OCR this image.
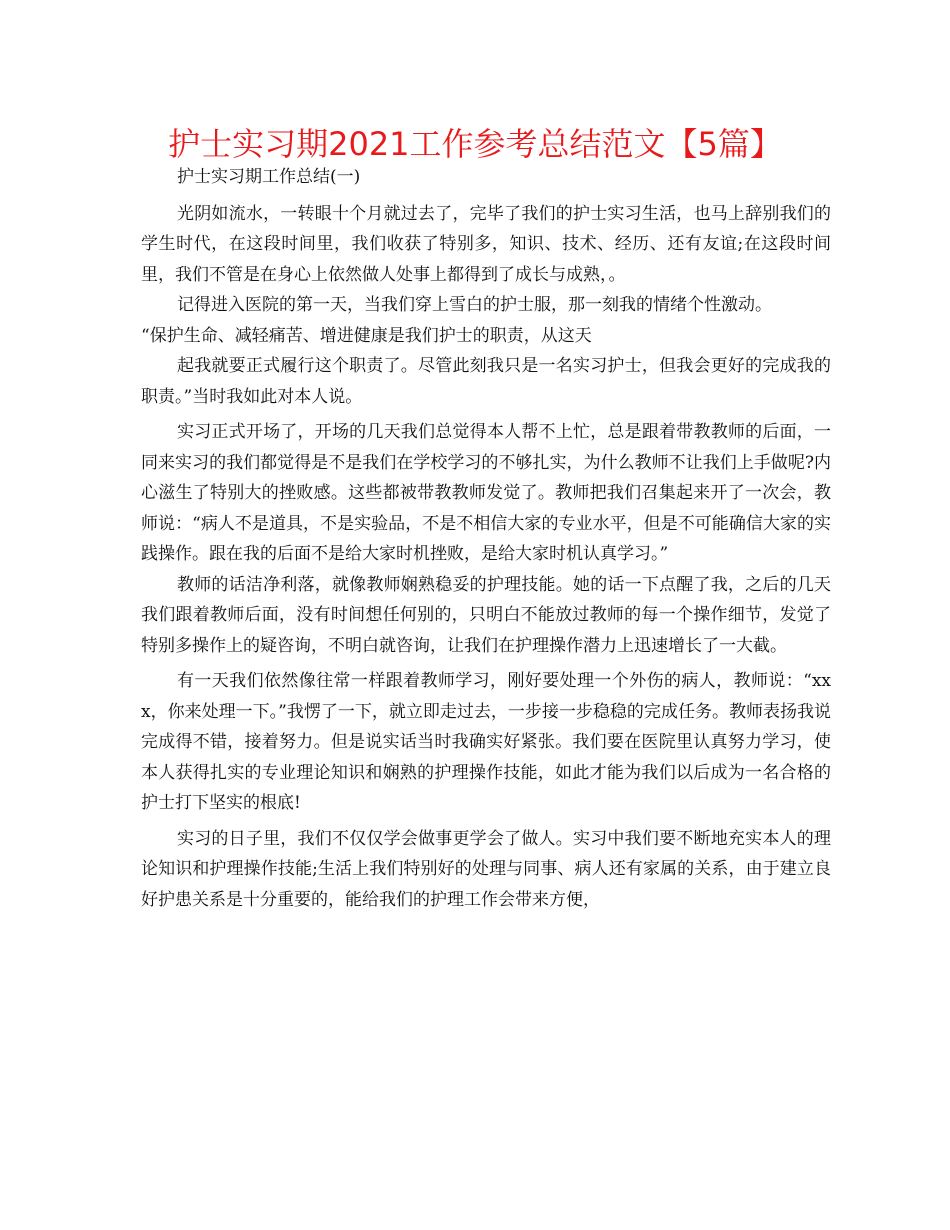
护士实习期2021工作参考总结范文【5篇】

护士实习期工作总结(一)

光阴如流水，一转眼十个月就过去了，完毕了我们的护士实习生活，也马上辞别我们的学生时代，在这段时间里，我们收获了特别多，知识、技术、经历、还有友谊;在这段时间里，我们不管是在身心上依然做人处事上都得到了成长与成熟，。

记得进入医院的第一天，当我们穿上雪白的护士服，那一刻我的情绪个性激动。

“保护生命、减轻痛苦、增进健康是我们护士的职责，从这天

起我就要正式履行这个职责了。尽管此刻我只是一名实习护士，但我会更好的完成我的职责。”当时我如此对本人说。

实习正式开场了，开场的几天我们总觉得本人帮不上忙，总是跟着带教教师的后面，一同来实习的我们都觉得是不是我们在学校学习的不够扎实，为什么教师不让我们上手做呢?内心滋生了特别大的挫败感。这些都被带教教师发觉了。教师把我们召集起来开了一次会，教师说：“病人不是道具，不是实验品，不是不相信大家的专业水平，但是不可能确信大家的实践操作。跟在我的后面不是给大家时机挫败，是给大家时机认真学习。”

教师的话洁净利落，就像教师娴熟稳妥的护理技能。她的话一下点醒了我，之后的几天我们跟着教师后面，没有时间想任何别的，只明白不能放过教师的每一个操作细节，发觉了特别多操作上的疑咨询，不明白就咨询，让我们在护理操作潜力上迅速增长了一大截。

有一天我们依然像往常一样跟着教师学习，刚好要处理一个外伤的病人，教师说：“xxx，你来处理一下。”我愣了一下，就立即走过去，一步接一步稳稳的完成任务。教师表扬我说完成得不错，接着努力。但是说实话当时我确实好紧张。我们要在医院里认真努力学习，使本人获得扎实的专业理论知识和娴熟的护理操作技能，如此才能为我们以后成为一名合格的护士打下坚实的根底!

实习的日子里，我们不仅仅学会做事更学会了做人。实习中我们要不断地充实本人的理论知识和护理操作技能;生活上我们特别好的处理与同事、病人还有家属的关系，由于建立良好护患关系是十分重要的，能给我们的护理工作会带来方便，
